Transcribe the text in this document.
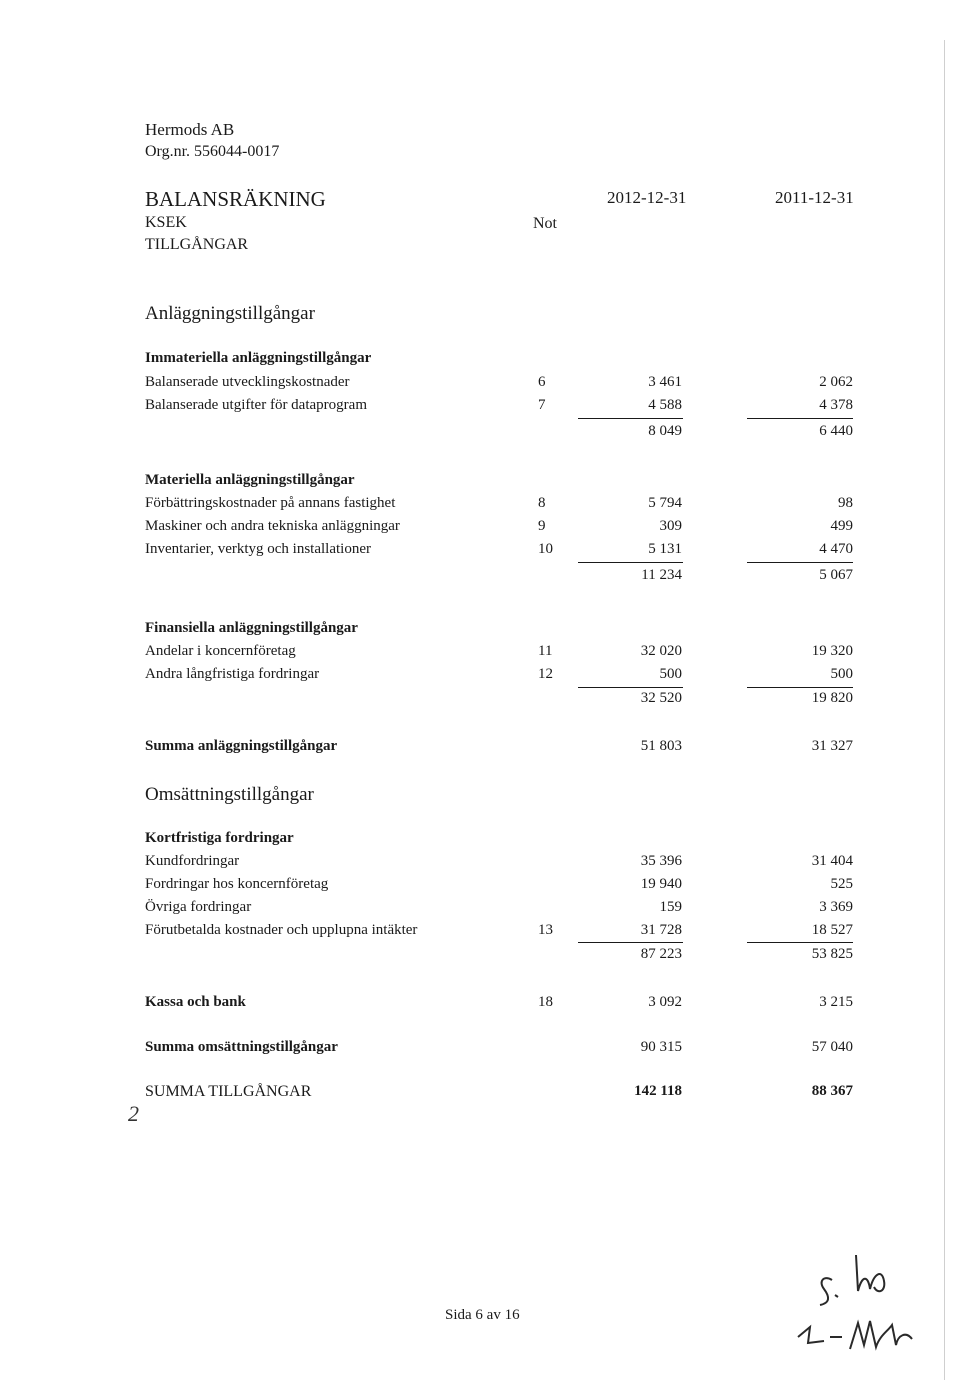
Hermods AB
Org.nr. 556044-0017
BALANSRÄKNING
KSEK
TILLGÅNGAR
Not
2012-12-31	2011-12-31
Anläggningstillgångar
Immateriella anläggningstillgångar
Balanserade utvecklingskostnader	6	3 461	2 062
Balanserade utgifter för dataprogram	7	4 588	4 378
8 049	6 440
Materiella anläggningstillgångar
Förbättringskostnader på annans fastighet	8	5 794	98
Maskiner och andra tekniska anläggningar	9	309	499
Inventarier, verktyg och installationer	10	5 131	4 470
11 234	5 067
Finansiella anläggningstillgångar
Andelar i koncernföretag	11	32 020	19 320
Andra långfristiga fordringar	12	500	500
32 520	19 820
Summa anläggningstillgångar	51 803	31 327
Omsättningstillgångar
Kortfristiga fordringar
Kundfordringar	35 396	31 404
Fordringar hos koncernföretag	19 940	525
Övriga fordringar	159	3 369
Förutbetalda kostnader och upplupna intäkter	13	31 728	18 527
87 223	53 825
Kassa och bank	18	3 092	3 215
Summa omsättningstillgångar	90 315	57 040
SUMMA TILLGÅNGAR	142 118	88 367
2
Sida 6 av 16
